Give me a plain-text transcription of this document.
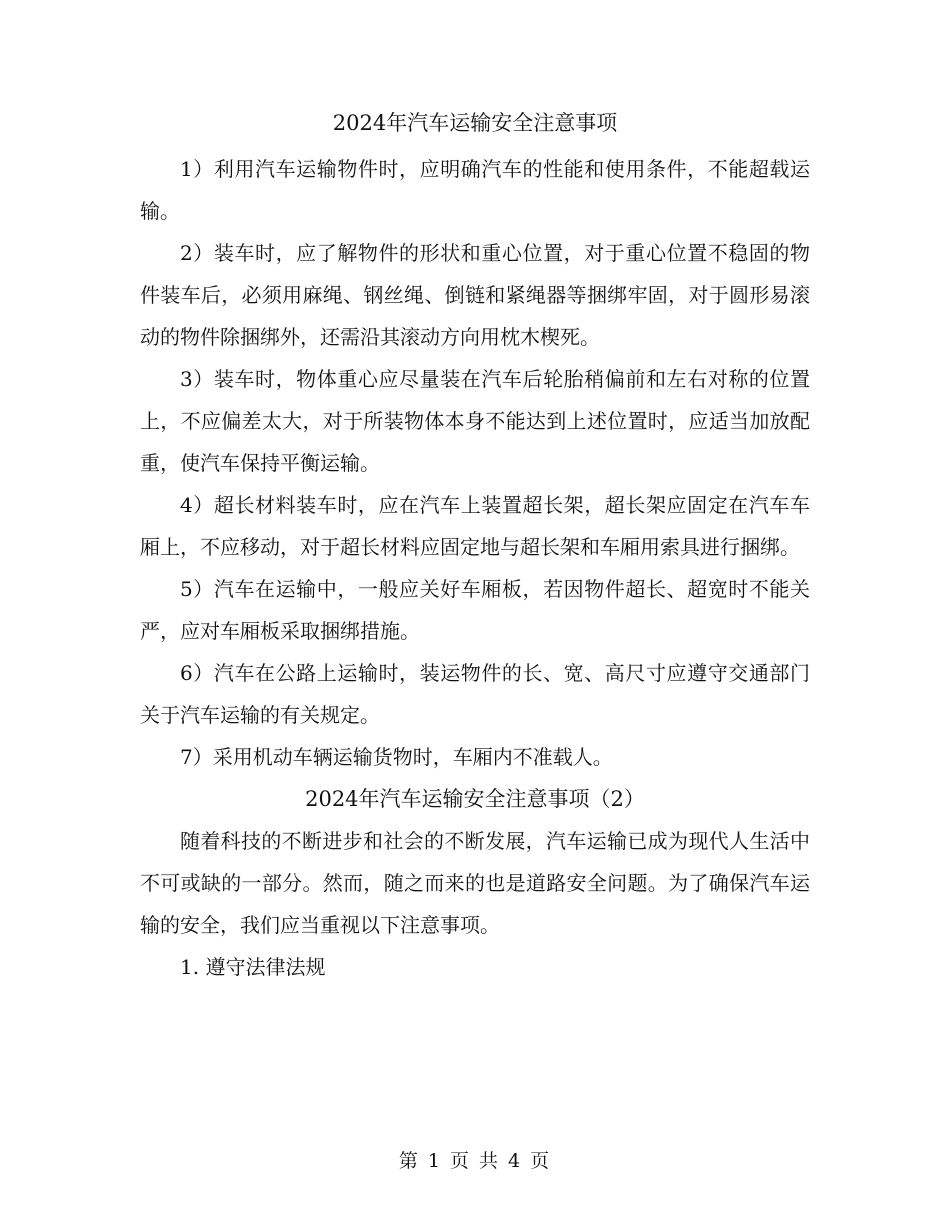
2024年汽车运输安全注意事项

1）利用汽车运输物件时，应明确汽车的性能和使用条件，不能超载运输。

2）装车时，应了解物件的形状和重心位置，对于重心位置不稳固的物件装车后，必须用麻绳、钢丝绳、倒链和紧绳器等捆绑牢固，对于圆形易滚动的物件除捆绑外，还需沿其滚动方向用枕木楔死。

3）装车时，物体重心应尽量装在汽车后轮胎稍偏前和左右对称的位置上，不应偏差太大，对于所装物体本身不能达到上述位置时，应适当加放配重，使汽车保持平衡运输。

4）超长材料装车时，应在汽车上装置超长架，超长架应固定在汽车车厢上，不应移动，对于超长材料应固定地与超长架和车厢用索具进行捆绑。

5）汽车在运输中，一般应关好车厢板，若因物件超长、超宽时不能关严，应对车厢板采取捆绑措施。

6）汽车在公路上运输时，装运物件的长、宽、高尺寸应遵守交通部门关于汽车运输的有关规定。

7）采用机动车辆运输货物时，车厢内不准载人。

2024年汽车运输安全注意事项（2）

随着科技的不断进步和社会的不断发展，汽车运输已成为现代人生活中不可或缺的一部分。然而，随之而来的也是道路安全问题。为了确保汽车运输的安全，我们应当重视以下注意事项。

1. 遵守法律法规

第 1 页 共 4 页
